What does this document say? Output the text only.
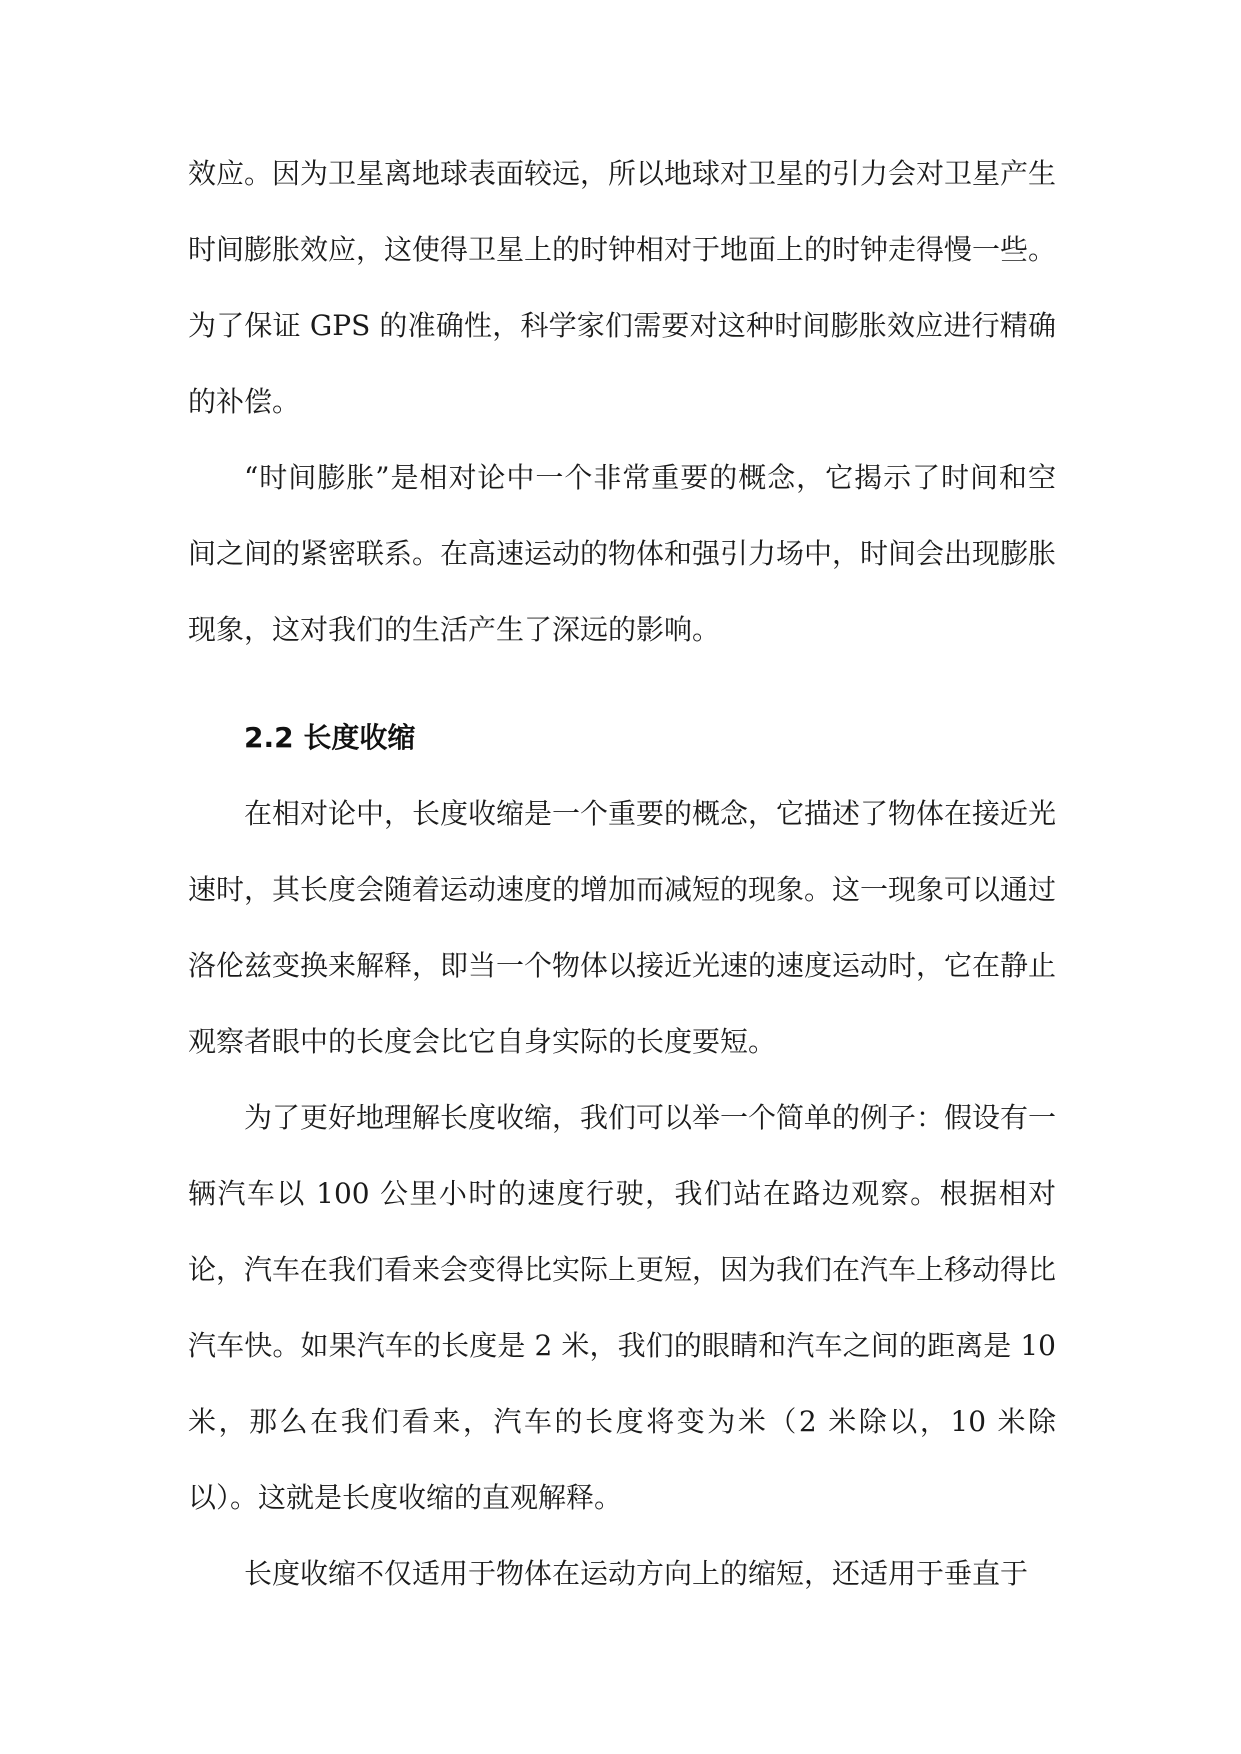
效应。因为卫星离地球表面较远，所以地球对卫星的引力会对卫星产生时间膨胀效应，这使得卫星上的时钟相对于地面上的时钟走得慢一些。为了保证 GPS 的准确性，科学家们需要对这种时间膨胀效应进行精确的补偿。

“时间膨胀”是相对论中一个非常重要的概念，它揭示了时间和空间之间的紧密联系。在高速运动的物体和强引力场中，时间会出现膨胀现象，这对我们的生活产生了深远的影响。

2.2 长度收缩

在相对论中，长度收缩是一个重要的概念，它描述了物体在接近光速时，其长度会随着运动速度的增加而减短的现象。这一现象可以通过洛伦兹变换来解释，即当一个物体以接近光速的速度运动时，它在静止观察者眼中的长度会比它自身实际的长度要短。

为了更好地理解长度收缩，我们可以举一个简单的例子：假设有一辆汽车以 100 公里小时的速度行驶，我们站在路边观察。根据相对论，汽车在我们看来会变得比实际上更短，因为我们在汽车上移动得比汽车快。如果汽车的长度是 2 米，我们的眼睛和汽车之间的距离是 10 米，那么在我们看来，汽车的长度将变为米（2 米除以，10 米除以）。这就是长度收缩的直观解释。

长度收缩不仅适用于物体在运动方向上的缩短，还适用于垂直于
